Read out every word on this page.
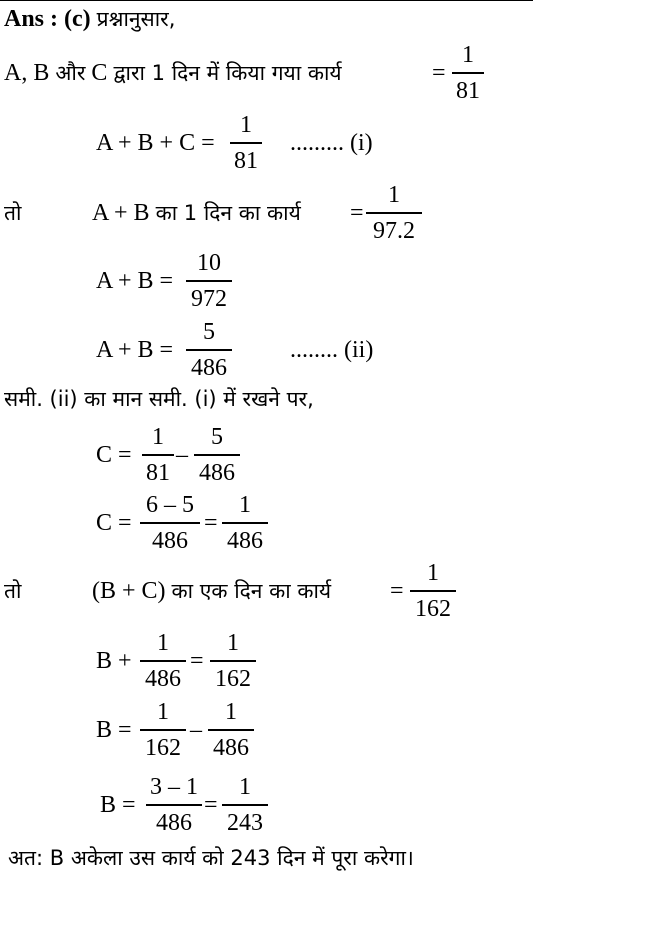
Ans : (c) प्रश्नानुसार,
A, B और C द्वारा 1 दिन में किया गया कार्य	=
1
81
A + B + C =
1
81
......... (i)
तो	A + B का 1 दिन का कार्य =
1
97.2
A + B =
10
972
A + B =
5
486
........ (ii)
समी. (ii) का मान समी. (i) में रखने पर,
C =
1
81
–
5
486
C =
6 – 5
486
=
1
486
तो	(B + C) का एक दिन का कार्य =
1
162
B +
1
486
=
1
162
B =
1
162
–
1
486
B =
3 – 1
486
=
1
243
अत: B अकेला उस कार्य को 243 दिन में पूरा करेगा।
